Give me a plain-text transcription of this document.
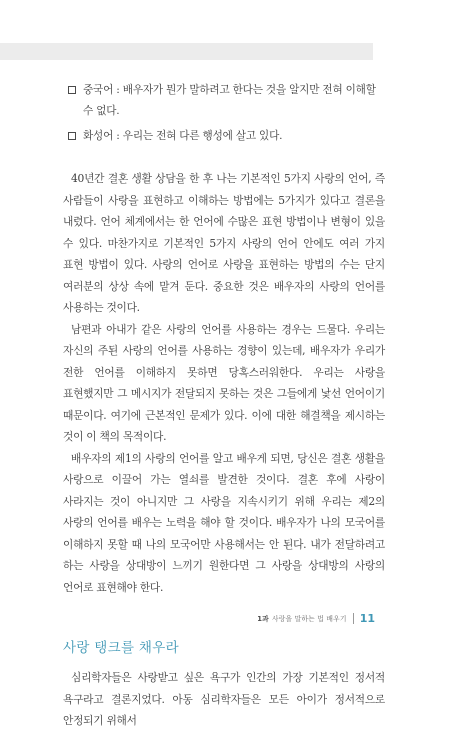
중국어 : 배우자가 뭔가 말하려고 한다는 것을 알지만 전혀 이해할 수 없다.
화성어 : 우리는 전혀 다른 행성에 살고 있다.

40년간 결혼 생활 상담을 한 후 나는 기본적인 5가지 사랑의 언어, 즉 사람들이 사랑을 표현하고 이해하는 방법에는 5가지가 있다고 결론을 내렸다. 언어 체계에서는 한 언어에 수많은 표현 방법이나 변형이 있을 수 있다. 마찬가지로 기본적인 5가지 사랑의 언어 안에도 여러 가지 표현 방법이 있다. 사랑의 언어로 사랑을 표현하는 방법의 수는 단지 여러분의 상상 속에 맡겨 둔다. 중요한 것은 배우자의 사랑의 언어를 사용하는 것이다.

남편과 아내가 같은 사랑의 언어를 사용하는 경우는 드물다. 우리는 자신의 주된 사랑의 언어를 사용하는 경향이 있는데, 배우자가 우리가 전한 언어를 이해하지 못하면 당혹스러워한다. 우리는 사랑을 표현했지만 그 메시지가 전달되지 못하는 것은 그들에게 낯선 언어이기 때문이다. 여기에 근본적인 문제가 있다. 이에 대한 해결책을 제시하는 것이 이 책의 목적이다.

배우자의 제1의 사랑의 언어를 알고 배우게 되면, 당신은 결혼 생활을 사랑으로 이끌어 가는 열쇠를 발견한 것이다. 결혼 후에 사랑이 사라지는 것이 아니지만 그 사랑을 지속시키기 위해 우리는 제2의 사랑의 언어를 배우는 노력을 해야 할 것이다. 배우자가 나의 모국어를 이해하지 못할 때 나의 모국어만 사용해서는 안 된다. 내가 전달하려고 하는 사랑을 상대방이 느끼기 원한다면 그 사랑을 상대방의 사랑의 언어로 표현해야 한다.

사랑 탱크를 채우라

심리학자들은 사랑받고 싶은 욕구가 인간의 가장 기본적인 정서적 욕구라고 결론지었다. 아동 심리학자들은 모든 아이가 정서적으로 안정되기 위해서

1과 사랑을 말하는 법 배우기 11
